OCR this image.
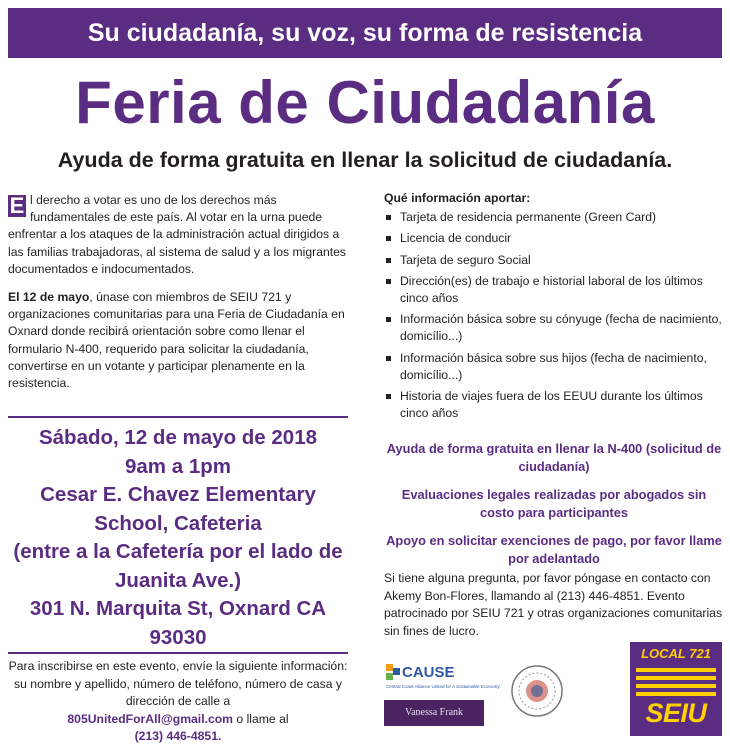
Su ciudadanía, su voz, su forma de resistencia
Feria de Ciudadanía
Ayuda de forma gratuita en llenar la solicitud de ciudadanía.

E l derecho a votar es uno de los derechos más fundamentales de este país. Al votar en la urna puede enfrentar a los ataques de la administración actual dirigidos a las familias trabajadoras, al sistema de salud y a los migrantes documentados e indocumentados.

El 12 de mayo, únase con miembros de SEIU 721 y organizaciones comunitarias para una Feria de Ciudadanía en Oxnard donde recibirá orientación sobre como llenar el formulario N-400, requerido para solicitar la ciudadanía, convertirse en un votante y participar plenamente en la resistencia.

Sábado, 12 de mayo de 2018
9am a 1pm
Cesar E. Chavez Elementary School, Cafeteria
(entre a la Cafetería por el lado de Juanita Ave.)
301 N. Marquita St, Oxnard CA 93030
Para inscribirse en este evento, envíe la siguiente información: su nombre y apellido, número de teléfono, número de casa y dirección de calle a
805UnitedForAll@gmail.com o llame al
(213) 446-4851.
Qué información aportar:
Tarjeta de residencia permanente (Green Card)
Licencia de conducir
Tarjeta de seguro Social
Dirección(es) de trabajo e historial laboral de los últimos cinco años
Información básica sobre su cónyuge (fecha de nacimiento, domicílio...)
Información básica sobre sus hijos (fecha de nacimiento, domicílio...)
Historia de viajes fuera de los EEUU durante los últimos cinco años

Ayuda de forma gratuita en llenar la N-400 (solicitud de ciudadanía)

Evaluaciones legales realizadas por abogados sin costo para participantes

Apoyo en solicitar exenciones de pago, por favor llame por adelantado

Si tiene alguna pregunta, por favor póngase en contacto con Akemy Bon-Flores, llamando al (213) 446-4851. Evento patrocinado por SEIU 721 y otras organizaciones comunitarias sin fines de lucro.
CAUSE
Central Coast Alliance United for A Sustainable Economy
Vanessa Frank
LOCAL 721
SEIU
